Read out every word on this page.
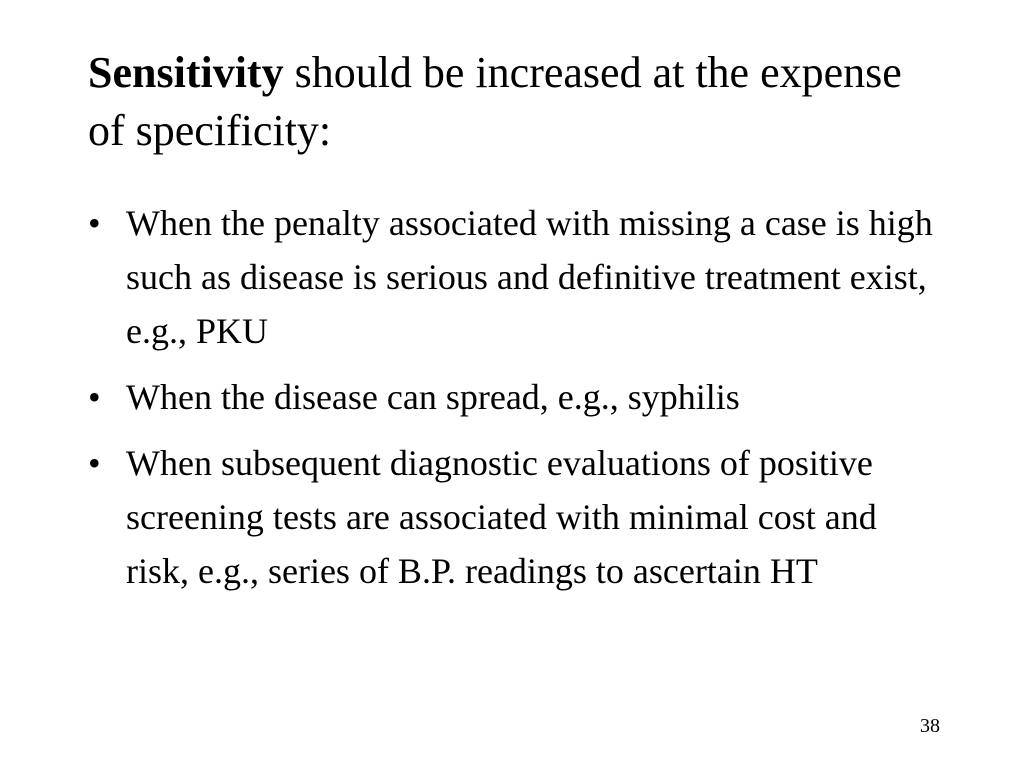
Sensitivity should be increased at the expense of specificity:
• When the penalty associated with missing a case is high such as disease is serious and definitive treatment exist, e.g., PKU
• When the disease can spread, e.g., syphilis
• When subsequent diagnostic evaluations of positive screening tests are associated with minimal cost and risk, e.g., series of B.P. readings to ascertain HT
38
